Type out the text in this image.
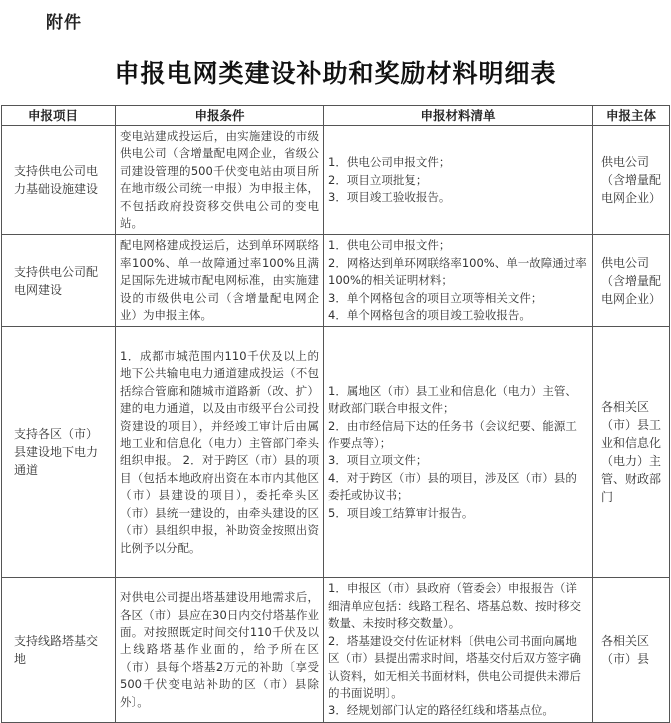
附件
申报电网类建设补助和奖励材料明细表
申报项目	申报条件	申报材料清单	申报主体
支持供电公司电力基础设施建设	变电站建成投运后，由实施建设的市级供电公司（含增量配电网企业，省级公司建设管理的500千伏变电站由项目所在地市级公司统一申报）为申报主体，不包括政府投资移交供电公司的变电站。	1．供电公司申报文件；
2．项目立项批复；
3．项目竣工验收报告。	供电公司（含增量配电网企业）
支持供电公司配电网建设	配电网格建成投运后，达到单环网联络率100%、单一故障通过率100%且满足国际先进城市配电网标准，由实施建设的市级供电公司（含增量配电网企业）为申报主体。	1．供电公司申报文件；
2．网格达到单环网联络率100%、单一故障通过率100%的相关证明材料；
3．单个网格包含的项目立项等相关文件；
4．单个网格包含的项目竣工验收报告。	供电公司（含增量配电网企业）
支持各区（市）县建设地下电力通道	1．成都市城范围内110千伏及以上的地下公共输电电力通道建成投运（不包括综合管廊和随城市道路新（改、扩）建的电力通道，以及由市级平台公司投资建设的项目），并经竣工审计后由属地工业和信息化（电力）主管部门牵头组织申报。 2．对于跨区（市）县的项目（包括本地政府出资在本市内其他区（市）县建设的项目），委托牵头区（市）县统一建设的，由牵头建设的区（市）县组织申报，补助资金按照出资比例予以分配。	1．属地区（市）县工业和信息化（电力）主管、财政部门联合申报文件；
2．由市经信局下达的任务书（会议纪要、能源工作要点等）；
3．项目立项文件；
4．对于跨区（市）县的项目，涉及区（市）县的委托或协议书；
5．项目竣工结算审计报告。	各相关区（市）县工业和信息化（电力）主管、财政部门
支持线路塔基交地	对供电公司提出塔基建设用地需求后，各区（市）县应在30日内交付塔基作业面。对按照既定时间交付110千伏及以上线路塔基作业面的，给予所在区（市）县每个塔基2万元的补助〔享受500千伏变电站补助的区（市）县除外〕。	1．申报区（市）县政府（管委会）申报报告（详细清单应包括：线路工程名、塔基总数、按时移交数量、未按时移交数量）。
2．塔基建设交付佐证材料〔供电公司书面向属地区（市）县提出需求时间，塔基交付后双方签字确认资料，如无相关书面材料，供电公司提供未滞后的书面说明〕。
3．经规划部门认定的路径红线和塔基点位。	各相关区（市）县
